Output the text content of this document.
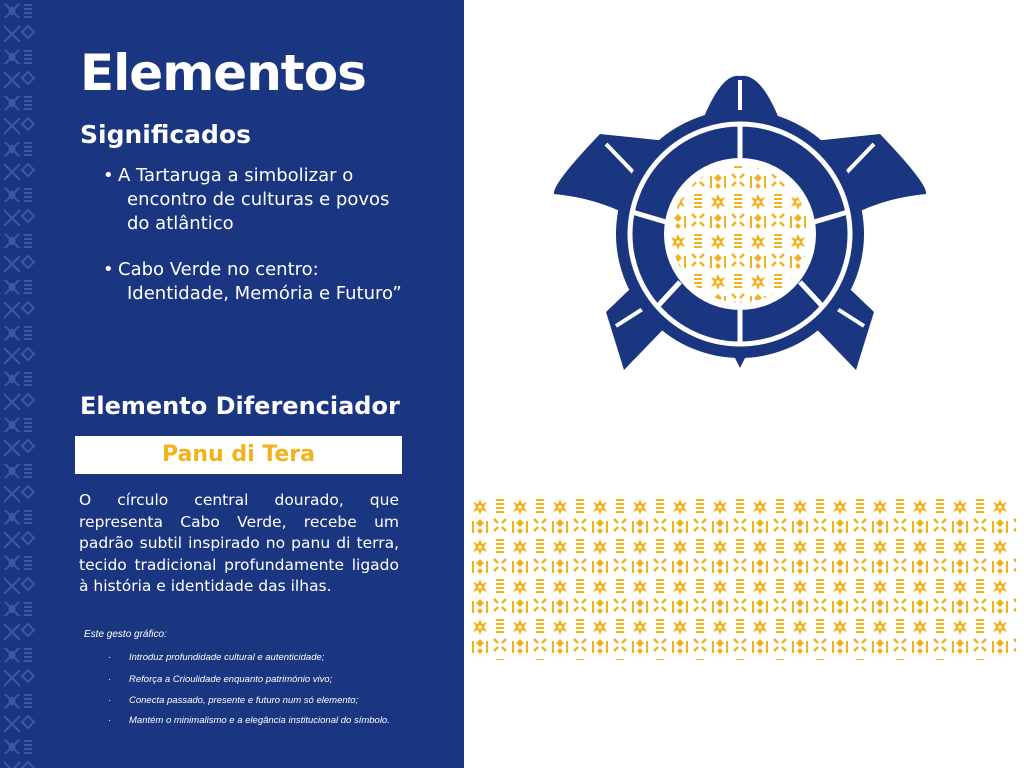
Elementos
Significados
• A Tartaruga a simbolizar o encontro de culturas e povos do atlântico
• Cabo Verde no centro: Identidade, Memória e Futuro”
Elemento Diferenciador
Panu di Tera

O círculo central dourado, que representa Cabo Verde, recebe um padrão subtil inspirado no panu di terra, tecido tradicional profundamente ligado à história e identidade das ilhas.

Este gesto gráfico:
·	Introduz profundidade cultural e autenticidade;
·	Reforça a Crioulidade enquanto património vivo;
·	Conecta passado, presente e futuro num só elemento;
·	Mantém o minimalismo e a elegância institucional do símbolo.
